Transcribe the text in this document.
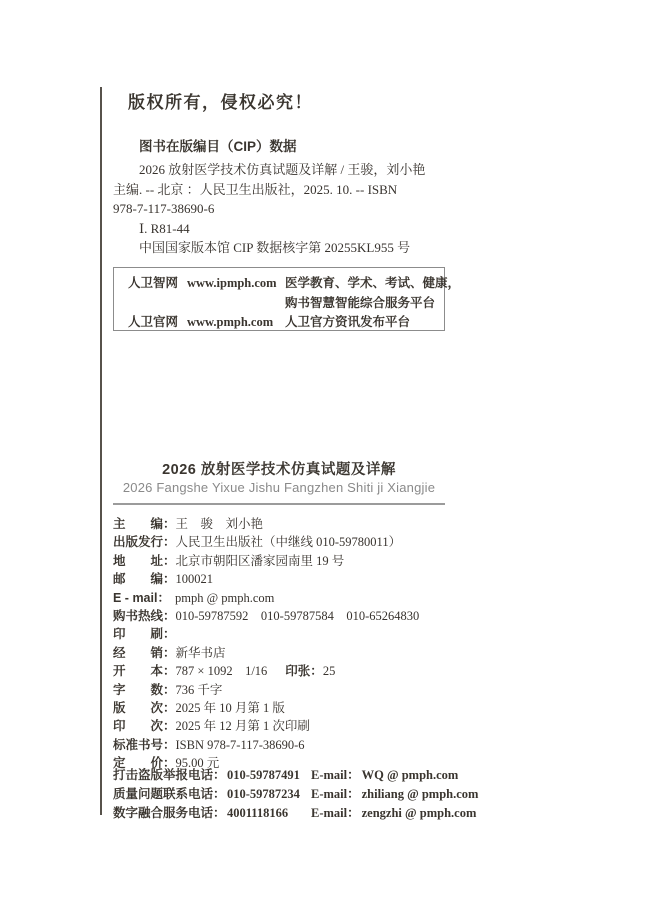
版权所有，侵权必究！
图书在版编目（CIP）数据
　　2026 放射医学技术仿真试题及详解 / 王骏，刘小艳
主编. -- 北京 ：人民卫生出版社，2025. 10. -- ISBN
978-7-117-38690-6
　　Ⅰ. R81-44
　　中国国家版本馆 CIP 数据核字第 20255KL955 号
人卫智网 www.ipmph.com 医学教育、学术、考试、健康，
购书智慧智能综合服务平台
人卫官网 www.pmph.com 人卫官方资讯发布平台
2026 放射医学技术仿真试题及详解
2026 Fangshe Yixue Jishu Fangzhen Shiti ji Xiangjie
主　　编：王　骏　刘小艳
出版发行：人民卫生出版社（中继线 010-59780011）
地　　址：北京市朝阳区潘家园南里 19 号
邮　　编：100021
E - mail： pmph @ pmph.com
购书热线：010-59787592　010-59787584　010-65264830
印　　刷：
经　　销：新华书店
开　　本：787 × 1092　1/16 印张：25
字　　数：736 千字
版　　次：2025 年 10 月第 1 版
印　　次：2025 年 12 月第 1 次印刷
标准书号：ISBN 978-7-117-38690-6
定　　价：95.00 元
打击盗版举报电话：010-59787491 E-mail： WQ @ pmph.com
质量问题联系电话：010-59787234 E-mail： zhiliang @ pmph.com
数字融合服务电话：4001118166 E-mail： zengzhi @ pmph.com
